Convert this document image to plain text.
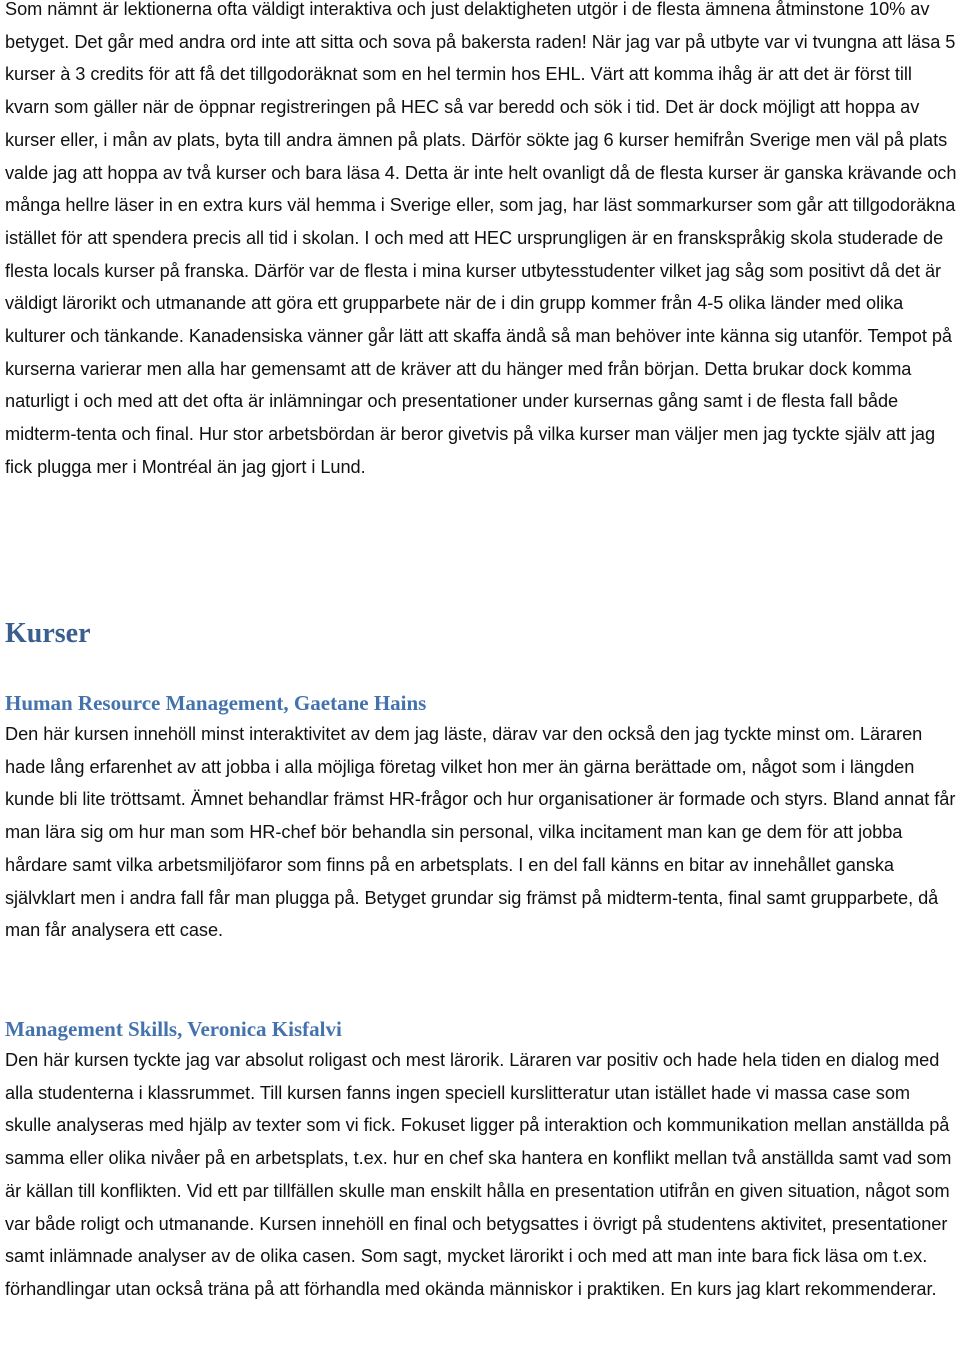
Som nämnt är lektionerna ofta väldigt interaktiva och just delaktigheten utgör i de flesta ämnena åtminstone 10% av betyget. Det går med andra ord inte att sitta och sova på bakersta raden! När jag var på utbyte var vi tvungna att läsa 5 kurser à 3 credits för att få det tillgodoräknat som en hel termin hos EHL. Värt att komma ihåg är att det är först till kvarn som gäller när de öppnar registreringen på HEC så var beredd och sök i tid. Det är dock möjligt att hoppa av kurser eller, i mån av plats, byta till andra ämnen på plats. Därför sökte jag 6 kurser hemifrån Sverige men väl på plats valde jag att hoppa av två kurser och bara läsa 4. Detta är inte helt ovanligt då de flesta kurser är ganska krävande och många hellre läser in en extra kurs väl hemma i Sverige eller, som jag, har läst sommarkurser som går att tillgodoräkna istället för att spendera precis all tid i skolan. I och med att HEC ursprungligen är en franskspråkig skola studerade de flesta locals kurser på franska. Därför var de flesta i mina kurser utbytesstudenter vilket jag såg som positivt då det är väldigt lärorikt och utmanande att göra ett grupparbete när de i din grupp kommer från 4-5 olika länder med olika kulturer och tänkande. Kanadensiska vänner går lätt att skaffa ändå så man behöver inte känna sig utanför. Tempot på kurserna varierar men alla har gemensamt att de kräver att du hänger med från början. Detta brukar dock komma naturligt i och med att det ofta är inlämningar och presentationer under kursernas gång samt i de flesta fall både midterm-tenta och final. Hur stor arbetsbördan är beror givetvis på vilka kurser man väljer men jag tyckte själv att jag fick plugga mer i Montréal än jag gjort i Lund.

Kurser
Human Resource Management, Gaetane Hains

Den här kursen innehöll minst interaktivitet av dem jag läste, därav var den också den jag tyckte minst om. Läraren hade lång erfarenhet av att jobba i alla möjliga företag vilket hon mer än gärna berättade om, något som i längden kunde bli lite tröttsamt. Ämnet behandlar främst HR-frågor och hur organisationer är formade och styrs. Bland annat får man lära sig om hur man som HR-chef bör behandla sin personal, vilka incitament man kan ge dem för att jobba hårdare samt vilka arbetsmiljöfaror som finns på en arbetsplats. I en del fall känns en bitar av innehållet ganska självklart men i andra fall får man plugga på. Betyget grundar sig främst på midterm-tenta, final samt grupparbete, då man får analysera ett case.

Management Skills, Veronica Kisfalvi

Den här kursen tyckte jag var absolut roligast och mest lärorik. Läraren var positiv och hade hela tiden en dialog med alla studenterna i klassrummet. Till kursen fanns ingen speciell kurslitteratur utan istället hade vi massa case som skulle analyseras med hjälp av texter som vi fick. Fokuset ligger på interaktion och kommunikation mellan anställda på samma eller olika nivåer på en arbetsplats, t.ex. hur en chef ska hantera en konflikt mellan två anställda samt vad som är källan till konflikten. Vid ett par tillfällen skulle man enskilt hålla en presentation utifrån en given situation, något som var både roligt och utmanande. Kursen innehöll en final och betygsattes i övrigt på studentens aktivitet, presentationer samt inlämnade analyser av de olika casen. Som sagt, mycket lärorikt i och med att man inte bara fick läsa om t.ex. förhandlingar utan också träna på att förhandla med okända människor i praktiken. En kurs jag klart rekommenderar.
